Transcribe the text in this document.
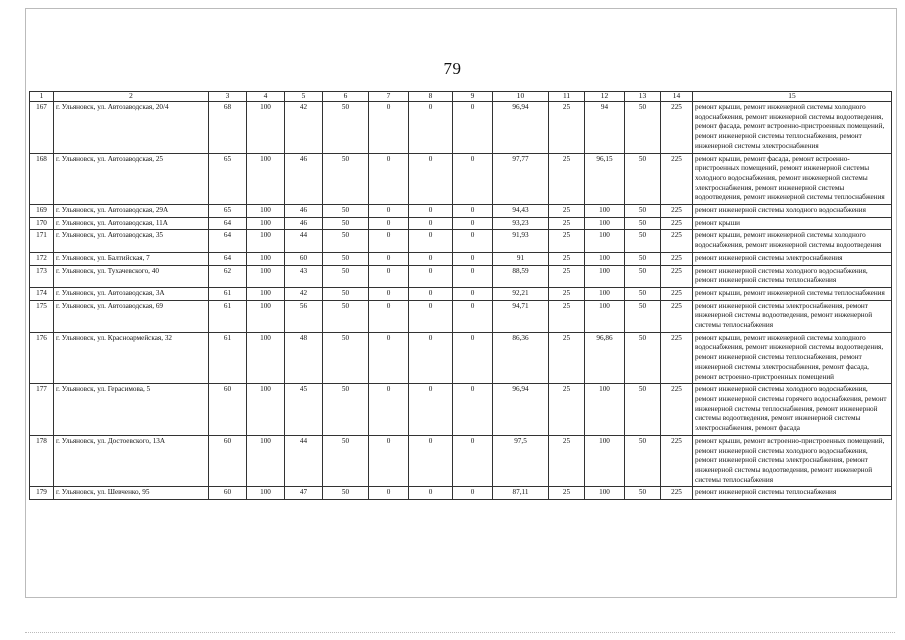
79
1	2	3	4	5	6	7	8	9	10	11	12	13	14	15
167	г. Ульяновск, ул. Автозаводская, 20/4	68	100	42	50	0	0	0	96,94	25	94	50	225	ремонт крыши, ремонт инженерной системы холодного водоснабжения, ремонт инженерной системы водоотведения, ремонт фасада, ремонт встроенно-пристроенных помещений, ремонт инженерной системы теплоснабжения, ремонт инженерной системы электроснабжения
168	г. Ульяновск, ул. Автозаводская, 25	65	100	46	50	0	0	0	97,77	25	96,15	50	225	ремонт крыши, ремонт фасада, ремонт встроенно-пристроенных помещений, ремонт инженерной системы холодного водоснабжения, ремонт инженерной системы электроснабжения, ремонт инженерной системы водоотведения, ремонт инженерной системы теплоснабжения
169	г. Ульяновск, ул. Автозаводская, 29А	65	100	46	50	0	0	0	94,43	25	100	50	225	ремонт инженерной системы холодного водоснабжения
170	г. Ульяновск, ул. Автозаводская, 11А	64	100	46	50	0	0	0	93,23	25	100	50	225	ремонт крыши
171	г. Ульяновск, ул. Автозаводская, 35	64	100	44	50	0	0	0	91,93	25	100	50	225	ремонт крыши, ремонт инженерной системы холодного водоснабжения, ремонт инженерной системы водоотведения
172	г. Ульяновск, ул. Балтийская, 7	64	100	60	50	0	0	0	91	25	100	50	225	ремонт инженерной системы электроснабжения
173	г. Ульяновск, ул. Тухачевского, 40	62	100	43	50	0	0	0	88,59	25	100	50	225	ремонт инженерной системы холодного водоснабжения, ремонт инженерной системы теплоснабжения
174	г. Ульяновск, ул. Автозаводская, 3А	61	100	42	50	0	0	0	92,21	25	100	50	225	ремонт крыши, ремонт инженерной системы теплоснабжения
175	г. Ульяновск, ул. Автозаводская, 69	61	100	56	50	0	0	0	94,71	25	100	50	225	ремонт инженерной системы электроснабжения, ремонт инженерной системы водоотведения, ремонт инженерной системы теплоснабжения
176	г. Ульяновск, ул. Красноармейская, 32	61	100	48	50	0	0	0	86,36	25	96,86	50	225	ремонт крыши, ремонт инженерной системы холодного водоснабжения, ремонт инженерной системы водоотведения, ремонт инженерной системы теплоснабжения, ремонт инженерной системы электроснабжения, ремонт фасада, ремонт встроенно-пристроенных помещений
177	г. Ульяновск, ул. Герасимова, 5	60	100	45	50	0	0	0	96,94	25	100	50	225	ремонт инженерной системы холодного водоснабжения, ремонт инженерной системы горячего водоснабжения, ремонт инженерной системы теплоснабжения, ремонт инженерной системы водоотведения, ремонт инженерной системы электроснабжения, ремонт фасада
178	г. Ульяновск, ул. Достоевского, 13А	60	100	44	50	0	0	0	97,5	25	100	50	225	ремонт крыши, ремонт встроенно-пристроенных помещений, ремонт инженерной системы холодного водоснабжения, ремонт инженерной системы электроснабжения, ремонт инженерной системы водоотведения, ремонт инженерной системы теплоснабжения
179	г. Ульяновск, ул. Шевченко, 95	60	100	47	50	0	0	0	87,11	25	100	50	225	ремонт инженерной системы теплоснабжения
